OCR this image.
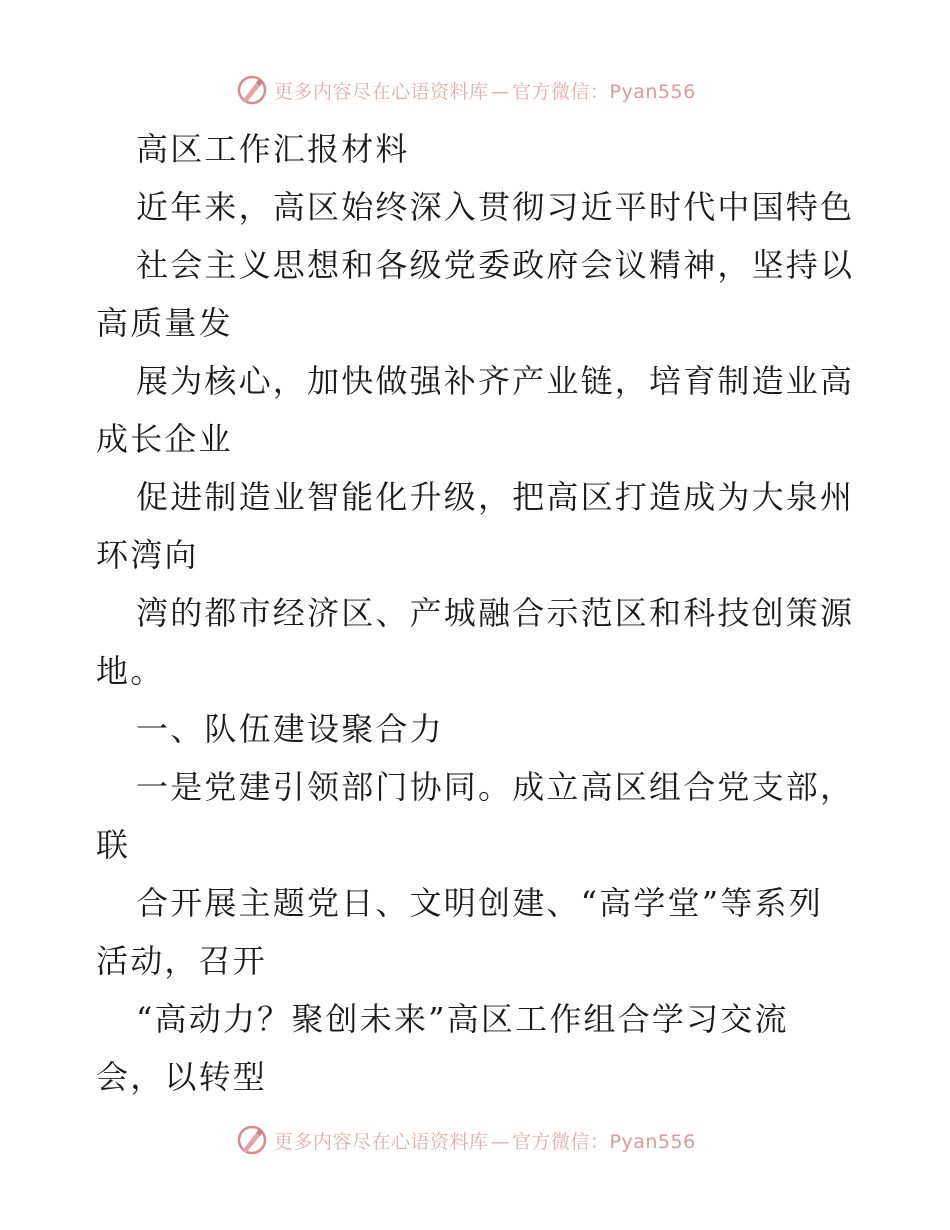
更多内容尽在心语资料库 — 官方微信：Pyan556
高区工作汇报材料
近年来，高区始终深入贯彻习近平时代中国特色
社会主义思想和各级党委政府会议精神，坚持以
高质量发
展为核心，加快做强补齐产业链，培育制造业高
成长企业
促进制造业智能化升级，把高区打造成为大泉州
环湾向
湾的都市经济区、产城融合示范区和科技创策源
地。
一、队伍建设聚合力
一是党建引领部门协同。成立高区组合党支部，
联
合开展主题党日、文明创建、“高学堂”等系列
活动，召开
“高动力？聚创未来”高区工作组合学习交流
会，以转型
更多内容尽在心语资料库 — 官方微信：Pyan556
